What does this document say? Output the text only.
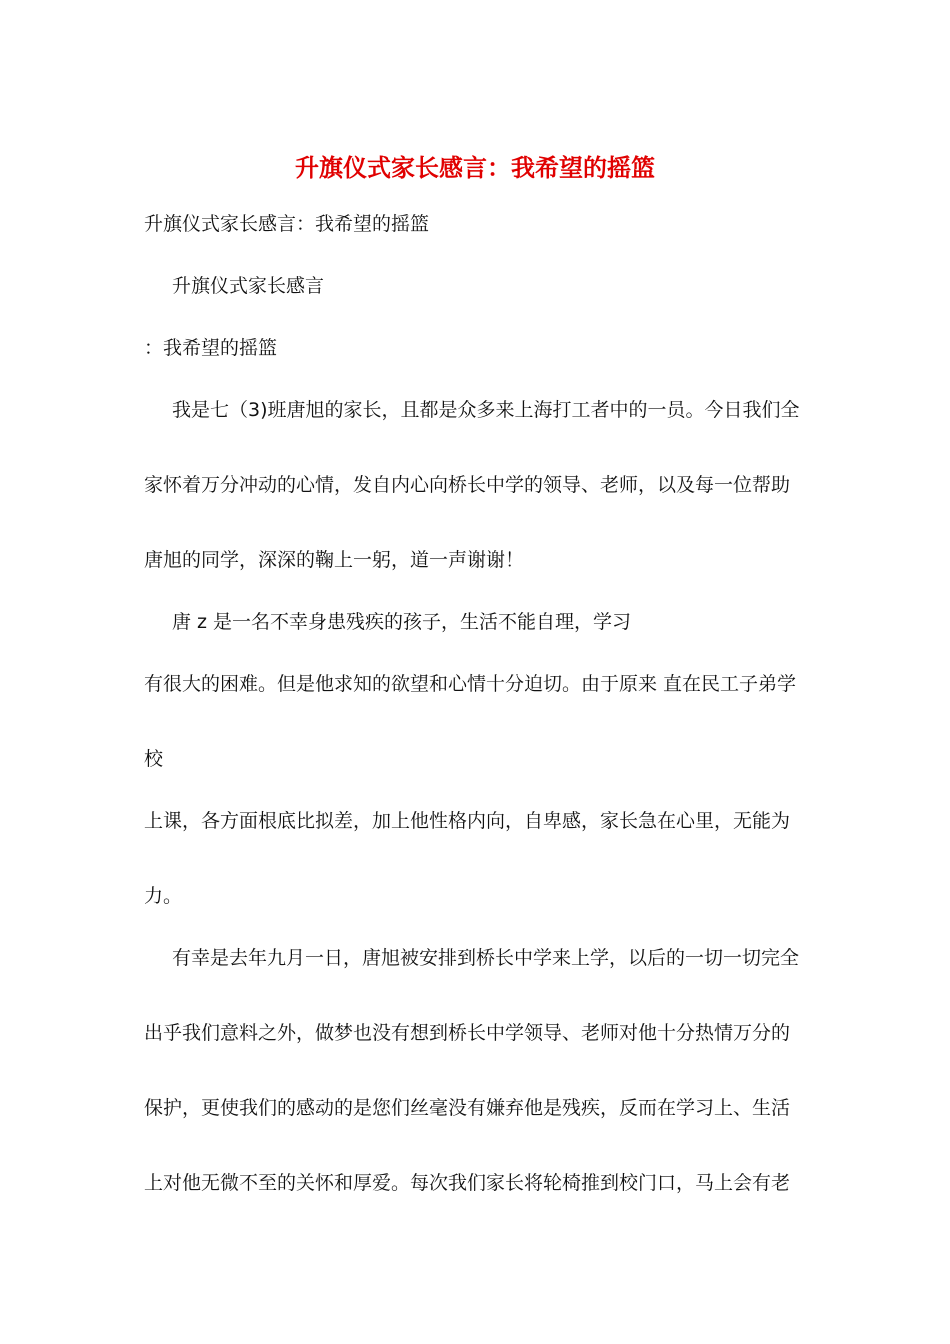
升旗仪式家长感言：我希望的摇篮
升旗仪式家长感言：我希望的摇篮
升旗仪式家长感言
：我希望的摇篮
我是七（3)班唐旭的家长，且都是众多来上海打工者中的一员。今日我们全
家怀着万分冲动的心情，发自内心向桥长中学的领导、老师，以及每一位帮助
唐旭的同学，深深的鞠上一躬，道一声谢谢！
唐 z 是一名不幸身患残疾的孩子，生活不能自理，学习
有很大的困难。但是他求知的欲望和心情十分迫切。由于原来 直在民工子弟学
校
上课，各方面根底比拟差，加上他性格内向，自卑感，家长急在心里，无能为
力。
有幸是去年九月一日，唐旭被安排到桥长中学来上学，以后的一切一切完全
出乎我们意料之外，做梦也没有想到桥长中学领导、老师对他十分热情万分的
保护，更使我们的感动的是您们丝毫没有嫌弃他是残疾，反而在学习上、生活
上对他无微不至的关怀和厚爱。每次我们家长将轮椅推到校门口，马上会有老
